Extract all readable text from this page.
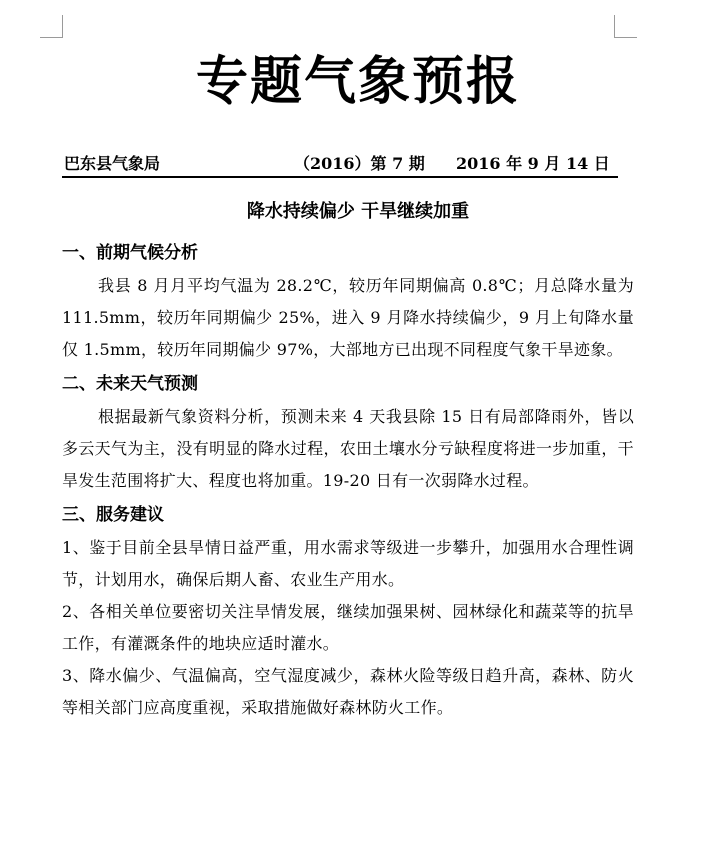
专题气象预报
巴东县气象局	（2016）第 7 期 2016 年 9 月 14 日
降水持续偏少 干旱继续加重
一、前期气候分析

我县 8 月月平均气温为 28.2℃，较历年同期偏高 0.8℃；月总降水量为 111.5mm，较历年同期偏少 25%，进入 9 月降水持续偏少，9 月上旬降水量仅 1.5mm，较历年同期偏少 97%，大部地方已出现不同程度气象干旱迹象。

二、未来天气预测

根据最新气象资料分析，预测未来 4 天我县除 15 日有局部降雨外，皆以多云天气为主，没有明显的降水过程，农田土壤水分亏缺程度将进一步加重，干旱发生范围将扩大、程度也将加重。19-20 日有一次弱降水过程。

三、服务建议

1、鉴于目前全县旱情日益严重，用水需求等级进一步攀升，加强用水合理性调节，计划用水，确保后期人畜、农业生产用水。

2、各相关单位要密切关注旱情发展，继续加强果树、园林绿化和蔬菜等的抗旱工作，有灌溉条件的地块应适时灌水。

3、降水偏少、气温偏高，空气湿度减少，森林火险等级日趋升高，森林、防火等相关部门应高度重视，采取措施做好森林防火工作。
